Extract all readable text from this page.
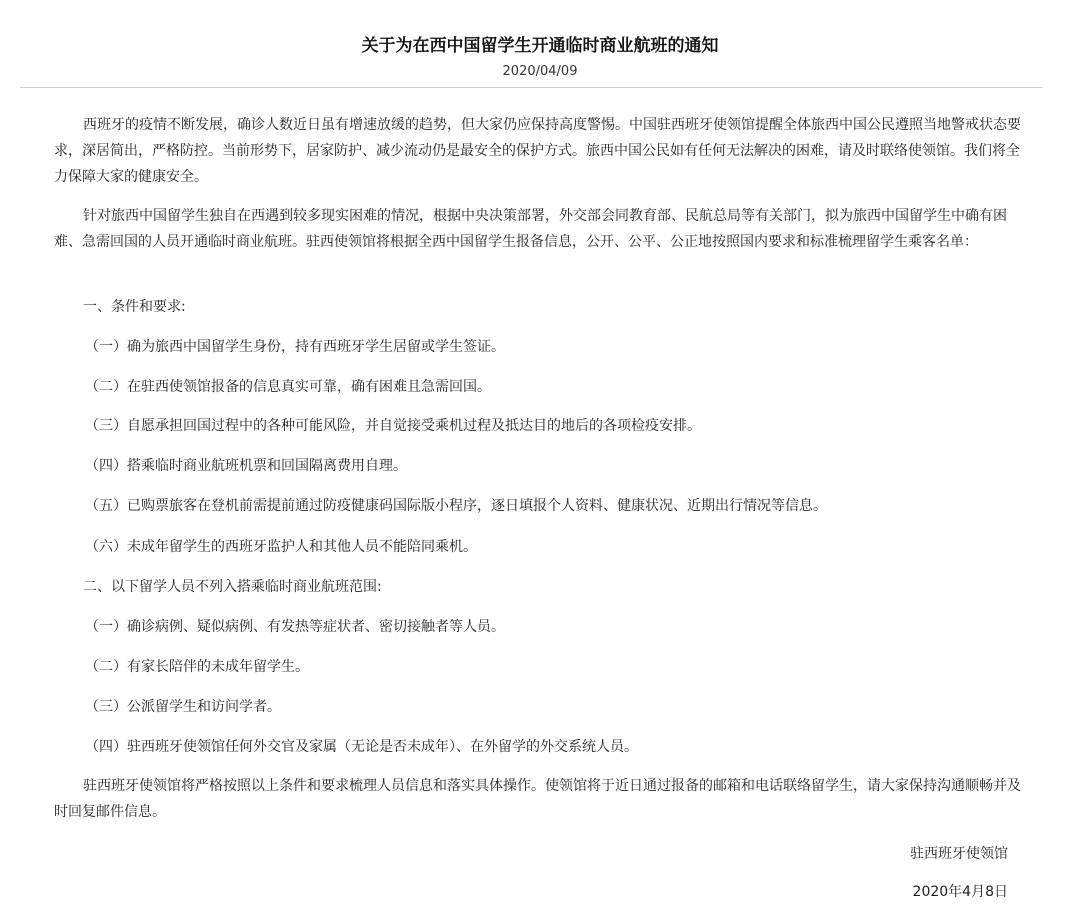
关于为在西中国留学生开通临时商业航班的通知
2020/04/09
西班牙的疫情不断发展，确诊人数近日虽有增速放缓的趋势，但大家仍应保持高度警惕。中国驻西班牙使领馆提醒全体旅西中国公民遵照当地警戒状态要求，深居简出，严格防控。当前形势下，居家防护、减少流动仍是最安全的保护方式。旅西中国公民如有任何无法解决的困难，请及时联络使领馆。我们将全力保障大家的健康安全。
针对旅西中国留学生独自在西遇到较多现实困难的情况，根据中央决策部署，外交部会同教育部、民航总局等有关部门，拟为旅西中国留学生中确有困难、急需回国的人员开通临时商业航班。驻西使领馆将根据全西中国留学生报备信息，公开、公平、公正地按照国内要求和标准梳理留学生乘客名单：
一、条件和要求:
（一）确为旅西中国留学生身份，持有西班牙学生居留或学生签证。
（二）在驻西使领馆报备的信息真实可靠，确有困难且急需回国。
（三）自愿承担回国过程中的各种可能风险，并自觉接受乘机过程及抵达目的地后的各项检疫安排。
（四）搭乘临时商业航班机票和回国隔离费用自理。
（五）已购票旅客在登机前需提前通过防疫健康码国际版小程序，逐日填报个人资料、健康状况、近期出行情况等信息。
（六）未成年留学生的西班牙监护人和其他人员不能陪同乘机。
二、以下留学人员不列入搭乘临时商业航班范围:
（一）确诊病例、疑似病例、有发热等症状者、密切接触者等人员。
（二）有家长陪伴的未成年留学生。
（三）公派留学生和访问学者。
（四）驻西班牙使领馆任何外交官及家属（无论是否未成年）、在外留学的外交系统人员。
驻西班牙使领馆将严格按照以上条件和要求梳理人员信息和落实具体操作。使领馆将于近日通过报备的邮箱和电话联络留学生，请大家保持沟通顺畅并及时回复邮件信息。
驻西班牙使领馆
2020年4月8日
